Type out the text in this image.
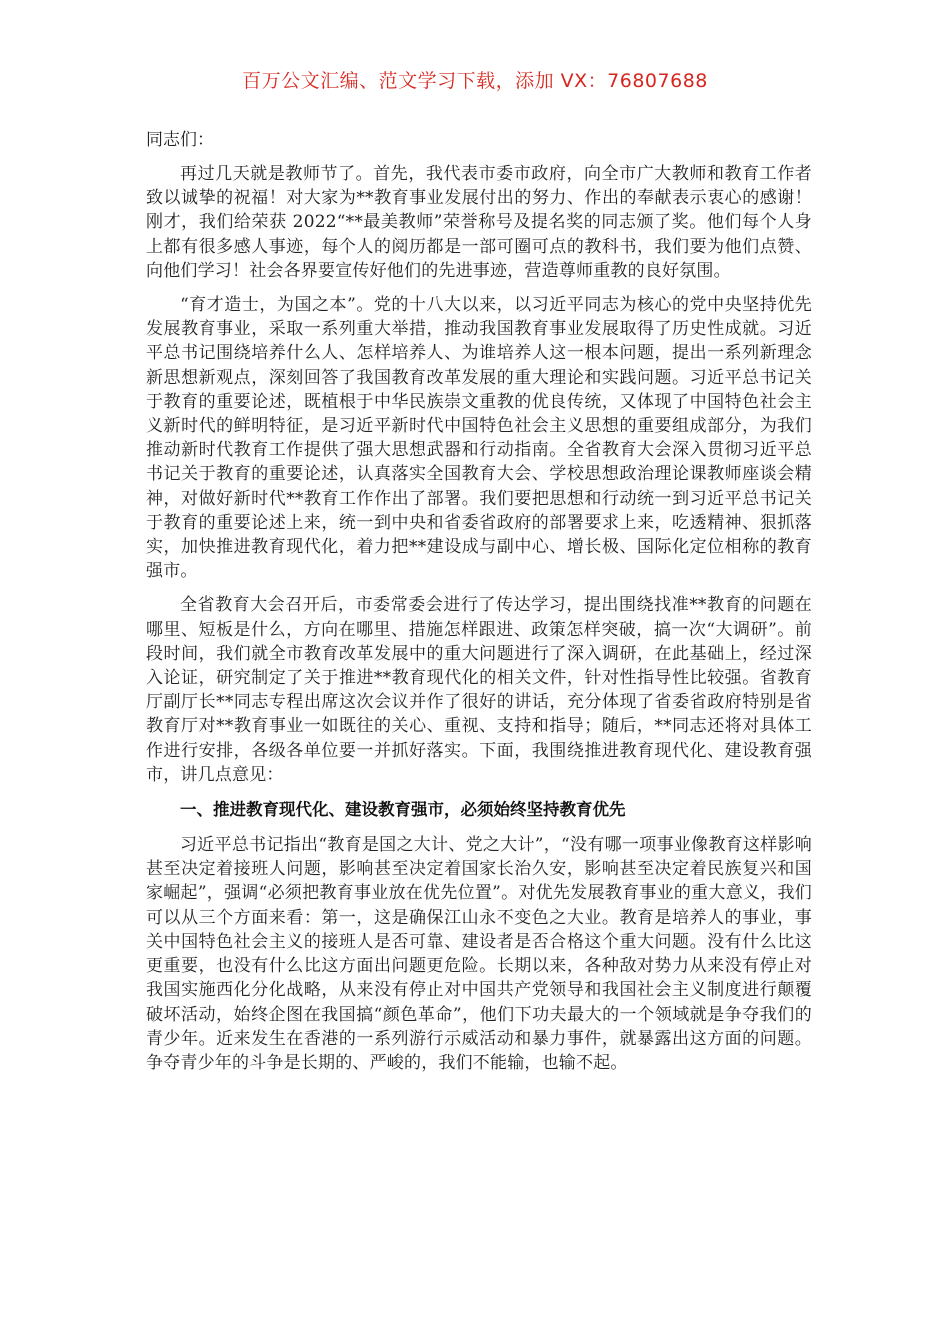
百万公文汇编、范文学习下载，添加 VX：76807688

同志们：

再过几天就是教师节了。首先，我代表市委市政府，向全市广大教师和教育工作者致以诚挚的祝福！对大家为**教育事业发展付出的努力、作出的奉献表示衷心的感谢！刚才，我们给荣获 2022“**最美教师”荣誉称号及提名奖的同志颁了奖。他们每个人身上都有很多感人事迹，每个人的阅历都是一部可圈可点的教科书，我们要为他们点赞、向他们学习！社会各界要宣传好他们的先进事迹，营造尊师重教的良好氛围。

“育才造士，为国之本”。党的十八大以来，以习近平同志为核心的党中央坚持优先发展教育事业，采取一系列重大举措，推动我国教育事业发展取得了历史性成就。习近平总书记围绕培养什么人、怎样培养人、为谁培养人这一根本问题，提出一系列新理念新思想新观点，深刻回答了我国教育改革发展的重大理论和实践问题。习近平总书记关于教育的重要论述，既植根于中华民族崇文重教的优良传统，又体现了中国特色社会主义新时代的鲜明特征，是习近平新时代中国特色社会主义思想的重要组成部分，为我们推动新时代教育工作提供了强大思想武器和行动指南。全省教育大会深入贯彻习近平总书记关于教育的重要论述，认真落实全国教育大会、学校思想政治理论课教师座谈会精神，对做好新时代**教育工作作出了部署。我们要把思想和行动统一到习近平总书记关于教育的重要论述上来，统一到中央和省委省政府的部署要求上来，吃透精神、狠抓落实，加快推进教育现代化，着力把**建设成与副中心、增长极、国际化定位相称的教育强市。

全省教育大会召开后，市委常委会进行了传达学习，提出围绕找准**教育的问题在哪里、短板是什么，方向在哪里、措施怎样跟进、政策怎样突破，搞一次“大调研”。前段时间，我们就全市教育改革发展中的重大问题进行了深入调研，在此基础上，经过深入论证，研究制定了关于推进**教育现代化的相关文件，针对性指导性比较强。省教育厅副厅长**同志专程出席这次会议并作了很好的讲话，充分体现了省委省政府特别是省教育厅对**教育事业一如既往的关心、重视、支持和指导；随后，**同志还将对具体工作进行安排，各级各单位要一并抓好落实。下面，我围绕推进教育现代化、建设教育强市，讲几点意见：

一、推进教育现代化、建设教育强市，必须始终坚持教育优先

习近平总书记指出“教育是国之大计、党之大计”，“没有哪一项事业像教育这样影响甚至决定着接班人问题，影响甚至决定着国家长治久安，影响甚至决定着民族复兴和国家崛起”，强调“必须把教育事业放在优先位置”。对优先发展教育事业的重大意义，我们可以从三个方面来看：第一，这是确保江山永不变色之大业。教育是培养人的事业，事关中国特色社会主义的接班人是否可靠、建设者是否合格这个重大问题。没有什么比这更重要，也没有什么比这方面出问题更危险。长期以来，各种敌对势力从来没有停止对我国实施西化分化战略，从来没有停止对中国共产党领导和我国社会主义制度进行颠覆破坏活动，始终企图在我国搞“颜色革命”，他们下功夫最大的一个领域就是争夺我们的青少年。近来发生在香港的一系列游行示威活动和暴力事件，就暴露出这方面的问题。争夺青少年的斗争是长期的、严峻的，我们不能输，也输不起。
